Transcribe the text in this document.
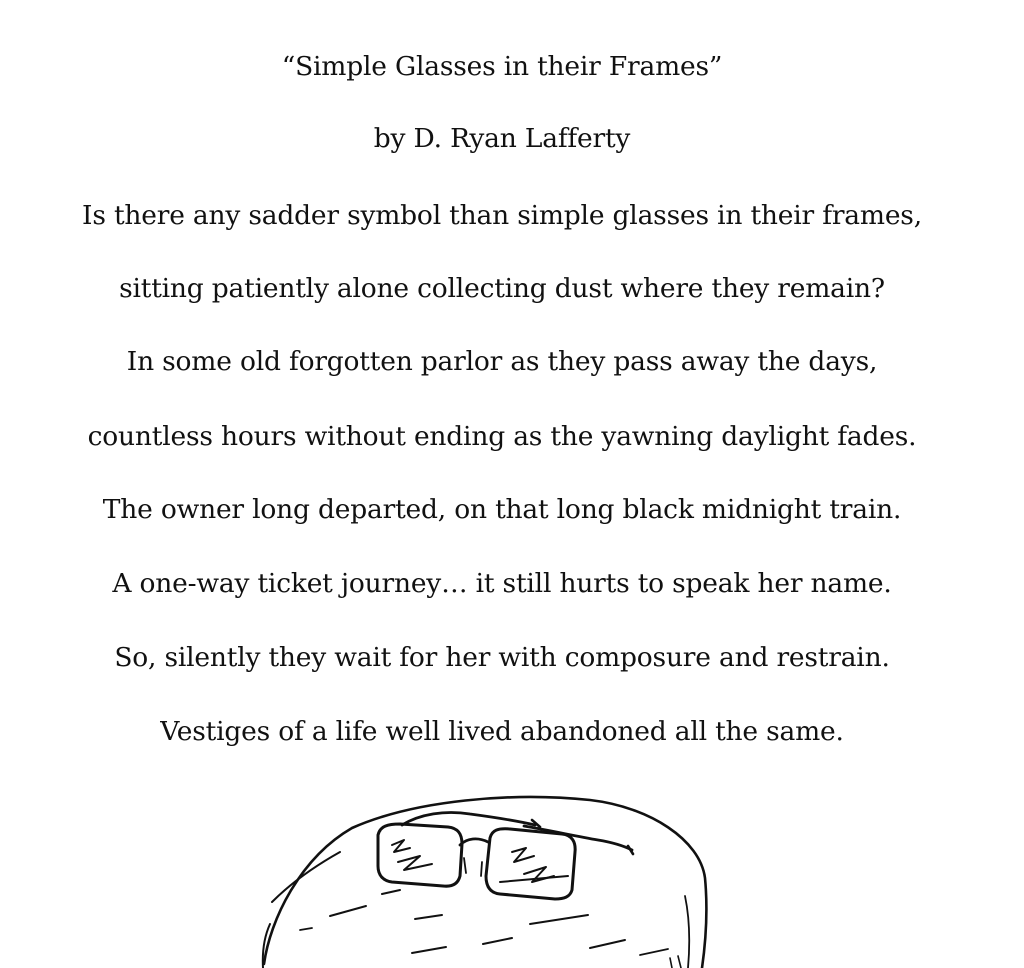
“Simple Glasses in their Frames”
by D. Ryan Lafferty
Is there any sadder symbol than simple glasses in their frames,
sitting patiently alone collecting dust where they remain?
In some old forgotten parlor as they pass away the days,
countless hours without ending as the yawning daylight fades.
The owner long departed, on that long black midnight train.
A one-way ticket journey… it still hurts to speak her name.
So, silently they wait for her with composure and restrain.
Vestiges of a life well lived abandoned all the same.
